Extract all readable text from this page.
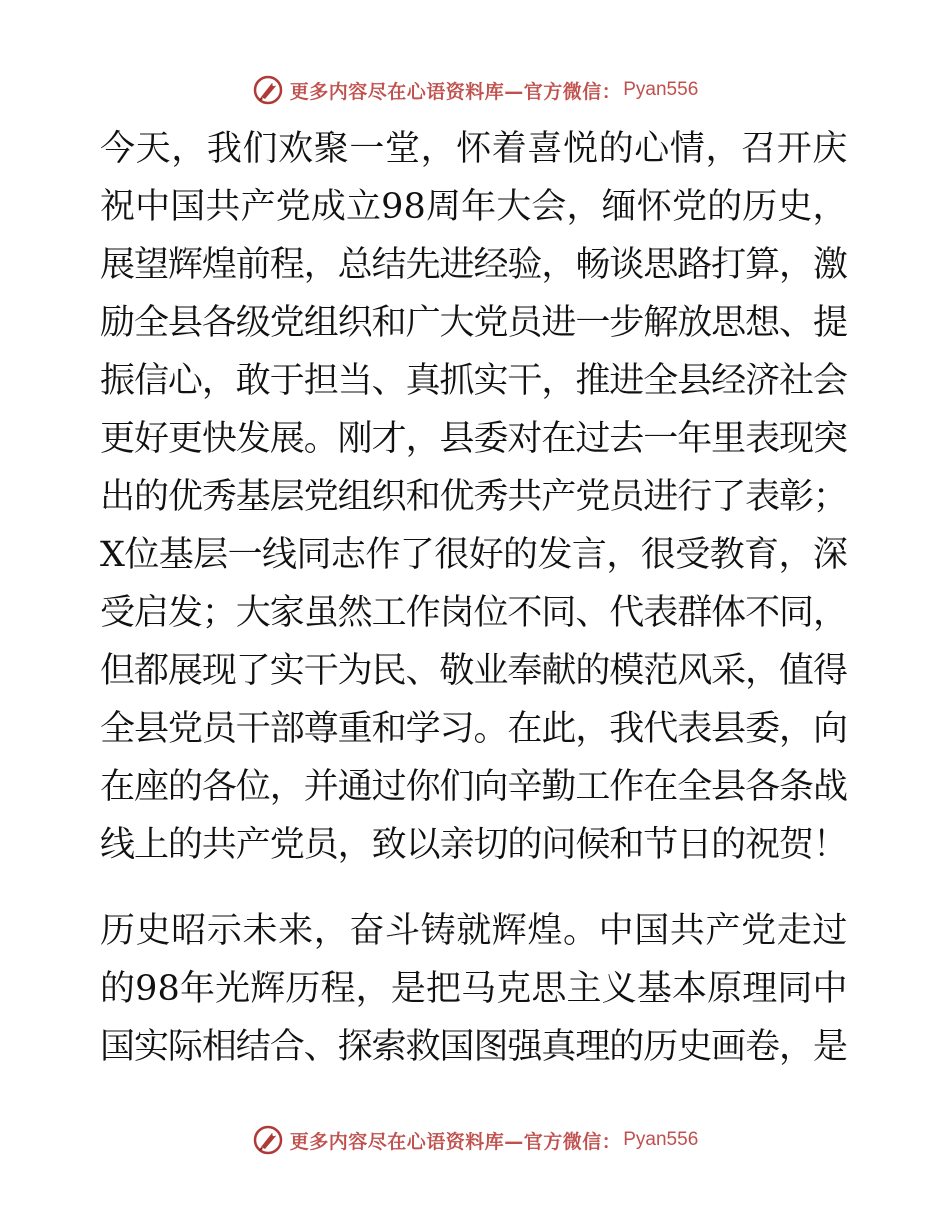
更多内容尽在心语资料库—官方微信： Pyan556
今天，我们欢聚一堂，怀着喜悦的心情，召开庆
祝中国共产党成立98周年大会，缅怀党的历史，
展望辉煌前程，总结先进经验，畅谈思路打算，激
励全县各级党组织和广大党员进一步解放思想、提
振信心，敢于担当、真抓实干，推进全县经济社会
更好更快发展。刚才，县委对在过去一年里表现突
出的优秀基层党组织和优秀共产党员进行了表彰；
X位基层一线同志作了很好的发言，很受教育，深
受启发；大家虽然工作岗位不同、代表群体不同，
但都展现了实干为民、敬业奉献的模范风采，值得
全县党员干部尊重和学习。在此，我代表县委，向
在座的各位，并通过你们向辛勤工作在全县各条战
线上的共产党员，致以亲切的问候和节日的祝贺！
历史昭示未来，奋斗铸就辉煌。中国共产党走过
的98年光辉历程，是把马克思主义基本原理同中
国实际相结合、探索救国图强真理的历史画卷，是
更多内容尽在心语资料库—官方微信： Pyan556
